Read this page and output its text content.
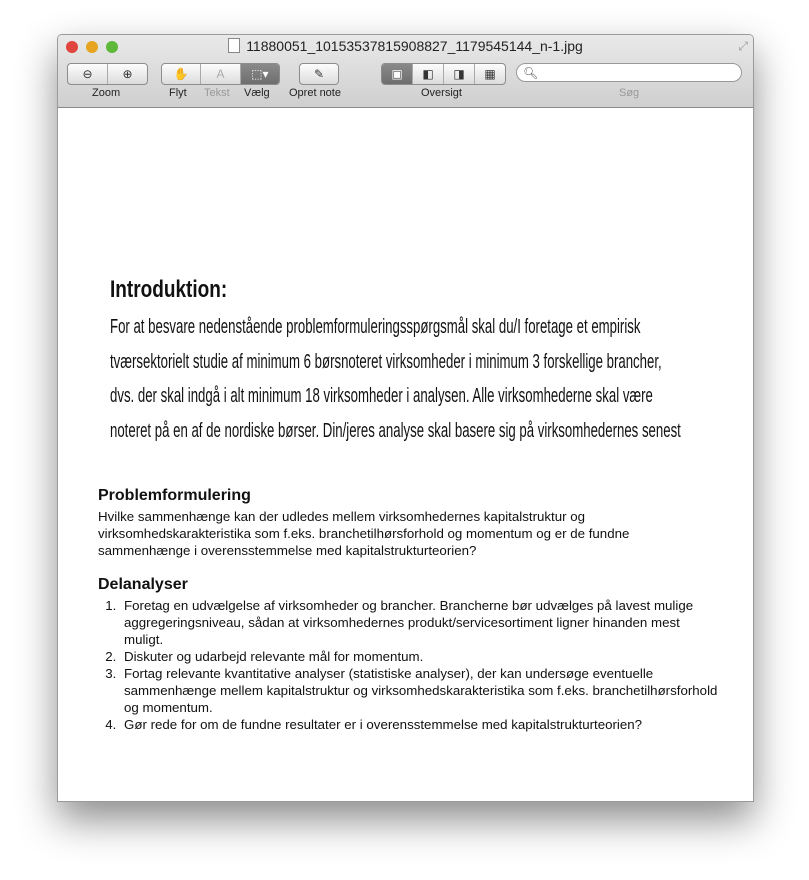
11880051_10153537815908827_1179545144_n-1.jpg	⤢
⊖	⊕
Zoom
✋	A	⬚▾
Flyt Tekst Vælg
✎
Opret note
▣	◧	◨	▦
Oversigt
🔍︎
Søg
Introduktion:

For at besvare nedenstående problemformuleringsspørgsmål skal du/I foretage et empirisk

tværsektorielt studie af minimum 6 børsnoteret virksomheder i minimum 3 forskellige brancher,

dvs. der skal indgå i alt minimum 18 virksomheder i analysen. Alle virksomhederne skal være

noteret på en af de nordiske børser. Din/jeres analyse skal basere sig på virksomhedernes senest

Problemformulering

Hvilke sammenhænge kan der udledes mellem virksomhedernes kapitalstruktur og virksomhedskarakteristika som f.eks. branchetilhørsforhold og momentum og er de fundne sammenhænge i overensstemmelse med kapitalstrukturteorien?

Delanalyser
1. Foretag en udvælgelse af virksomheder og brancher. Brancherne bør udvælges på lavest mulige aggregeringsniveau, sådan at virksomhedernes produkt/servicesortiment ligner hinanden mest muligt.
2. Diskuter og udarbejd relevante mål for momentum.
3. Fortag relevante kvantitative analyser (statistiske analyser), der kan undersøge eventuelle sammenhænge mellem kapitalstruktur og virksomhedskarakteristika som f.eks. branchetilhørsforhold og momentum.
4. Gør rede for om de fundne resultater er i overensstemmelse med kapitalstrukturteorien?
